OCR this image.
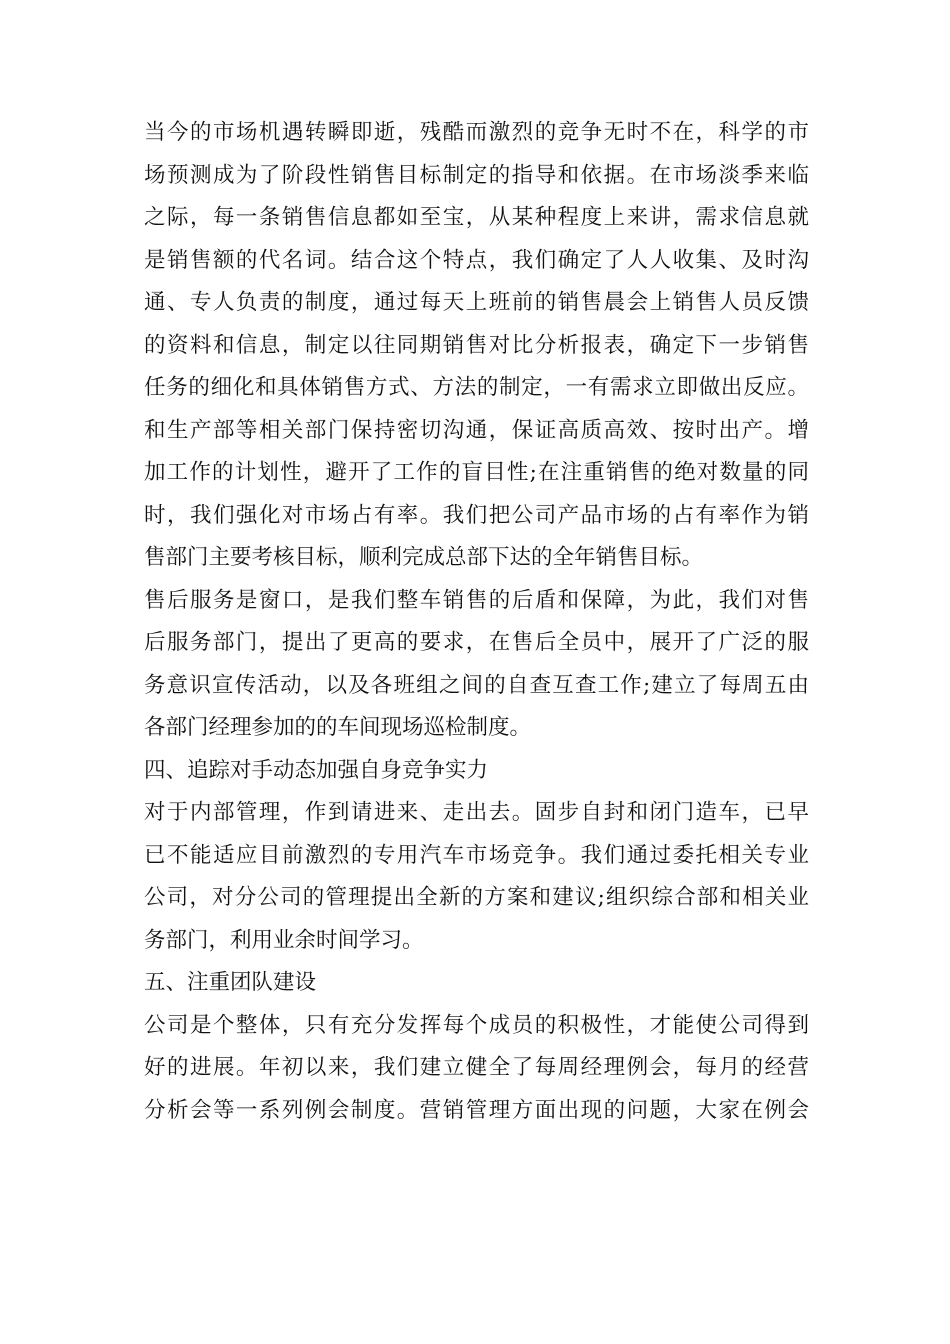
当今的市场机遇转瞬即逝，残酷而激烈的竞争无时不在，科学的市
场预测成为了阶段性销售目标制定的指导和依据。在市场淡季来临
之际，每一条销售信息都如至宝，从某种程度上来讲，需求信息就
是销售额的代名词。结合这个特点，我们确定了人人收集、及时沟
通、专人负责的制度，通过每天上班前的销售晨会上销售人员反馈
的资料和信息，制定以往同期销售对比分析报表，确定下一步销售
任务的细化和具体销售方式、方法的制定，一有需求立即做出反应。
和生产部等相关部门保持密切沟通，保证高质高效、按时出产。增
加工作的计划性，避开了工作的盲目性;在注重销售的绝对数量的同
时，我们强化对市场占有率。我们把公司产品市场的占有率作为销
售部门主要考核目标，顺利完成总部下达的全年销售目标。
售后服务是窗口，是我们整车销售的后盾和保障，为此，我们对售
后服务部门，提出了更高的要求，在售后全员中，展开了广泛的服
务意识宣传活动，以及各班组之间的自查互查工作;建立了每周五由
各部门经理参加的的车间现场巡检制度。
四、追踪对手动态加强自身竞争实力
对于内部管理，作到请进来、走出去。固步自封和闭门造车，已早
已不能适应目前激烈的专用汽车市场竞争。我们通过委托相关专业
公司，对分公司的管理提出全新的方案和建议;组织综合部和相关业
务部门，利用业余时间学习。
五、注重团队建设
公司是个整体，只有充分发挥每个成员的积极性，才能使公司得到
好的进展。年初以来，我们建立健全了每周经理例会，每月的经营
分析会等一系列例会制度。营销管理方面出现的问题，大家在例会
